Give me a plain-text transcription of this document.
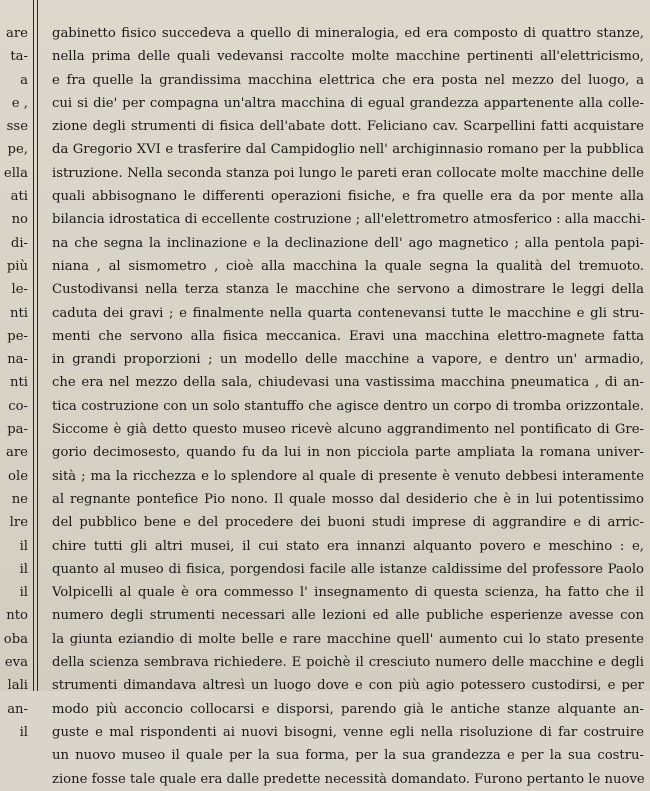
are
ta-
a
e ,
sse
pe,
ella
ati
no
di-
più
le-
nti
pe-
na-
nti
co-
pa-
are
ole
ne
lre
il
il
il
nto
oba
eva
lali
an-
il
gabinetto fisico succedeva a quello di mineralogia, ed era composto di quattro stanze,
nella prima delle quali vedevansi raccolte molte macchine pertinenti all'elettricismo,
e fra quelle la grandissima macchina elettrica che era posta nel mezzo del luogo, a
cui si die' per compagna un'altra macchina di egual grandezza appartenente alla colle-
zione degli strumenti di fisica dell'abate dott. Feliciano cav. Scarpellini fatti acquistare
da Gregorio XVI e trasferire dal Campidoglio nell' archiginnasio romano per la pubblica
istruzione. Nella seconda stanza poi lungo le pareti eran collocate molte macchine delle
quali abbisognano le differenti operazioni fisiche, e fra quelle era da por mente alla
bilancia idrostatica di eccellente costruzione ; all'elettrometro atmosferico : alla macchi-
na che segna la inclinazione e la declinazione dell' ago magnetico ; alla pentola papi-
niana , al sismometro , cioè alla macchina la quale segna la qualità del tremuoto.
Custodivansi nella terza stanza le macchine che servono a dimostrare le leggi della
caduta dei gravi ; e finalmente nella quarta contenevansi tutte le macchine e gli stru-
menti che servono alla fisica meccanica. Eravi una macchina elettro-magnete fatta
in grandi proporzioni ; un modello delle macchine a vapore, e dentro un' armadio,
che era nel mezzo della sala, chiudevasi una vastissima macchina pneumatica , di an-
tica costruzione con un solo stantuffo che agisce dentro un corpo di tromba orizzontale.
Siccome è già detto questo museo ricevè alcuno aggrandimento nel pontificato di Gre-
gorio decimosesto, quando fu da lui in non picciola parte ampliata la romana univer-
sità ; ma la ricchezza e lo splendore al quale di presente è venuto debbesi interamente
al regnante pontefice Pio nono. Il quale mosso dal desiderio che è in lui potentissimo
del pubblico bene e del procedere dei buoni studi imprese di aggrandire e di arric-
chire tutti gli altri musei, il cui stato era innanzi alquanto povero e meschino : e,
quanto al museo di fisica, porgendosi facile alle istanze caldissime del professore Paolo
Volpicelli al quale è ora commesso l' insegnamento di questa scienza, ha fatto che il
numero degli strumenti necessari alle lezioni ed alle publiche esperienze avesse con
la giunta eziandio di molte belle e rare macchine quell' aumento cui lo stato presente
della scienza sembrava richiedere. E poichè il cresciuto numero delle macchine e degli
strumenti dimandava altresì un luogo dove e con più agio potessero custodirsi, e per
modo più acconcio collocarsi e disporsi, parendo già le antiche stanze alquante an-
guste e mal rispondenti ai nuovi bisogni, venne egli nella risoluzione di far costruire
un nuovo museo il quale per la sua forma, per la sua grandezza e per la sua costru-
zione fosse tale quale era dalle predette necessità domandato. Furono pertanto le nuove
